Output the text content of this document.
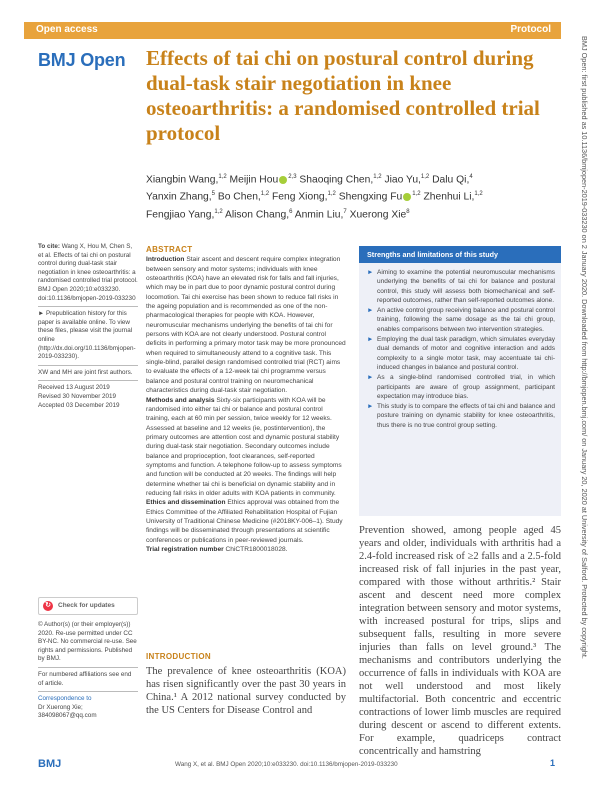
Open access	Protocol
BMJ Open Effects of tai chi on postural control during dual-task stair negotiation in knee osteoarthritis: a randomised controlled trial protocol
Xiangbin Wang,$^{1,2}$ Meijin Hou $^{2,3}$ Shaoqing Chen,$^{1,2}$ Jiao Yu,$^{1,2}$ Dalu Qi,$^4$
Yanxin Zhang,$^5$ Bo Chen,$^{1,2}$ Feng Xiong,$^{1,2}$ Shengxing Fu $^{1,2}$ Zhenhui Li,$^{1,2}$
Fengjiao Yang,$^{1,2}$ Alison Chang,$^6$ Anmin Liu,$^7$ Xuerong Xie$^8$
To cite: Wang X, Hou M, Chen S, et al. Effects of tai chi on postural control during dual-task stair negotiation in knee osteoarthritis: a randomised controlled trial protocol. BMJ Open 2020;10:e033230. doi:10.1136/bmjopen-2019-033230
► Prepublication history for this paper is available online. To view these files, please visit the journal online (http://dx.doi.org/10.1136/bmjopen-2019-033230).
XW and MH are joint first authors.
Received 13 August 2019
Revised 30 November 2019
Accepted 03 December 2019
↻	Check for updates
© Author(s) (or their employer(s)) 2020. Re-use permitted under CC BY-NC. No commercial re-use. See rights and permissions. Published by BMJ.
For numbered affiliations see end of article.
Correspondence to
Dr Xuerong Xie; 384098067@qq.com
ABSTRACT

Introduction Stair ascent and descent require complex integration between sensory and motor systems; individuals with knee osteoarthritis (KOA) have an elevated risk for falls and fall injuries, which may be in part due to poor dynamic postural control during locomotion. Tai chi exercise has been shown to reduce fall risks in the ageing population and is recommended as one of the non-pharmacological therapies for people with KOA. However, neuromuscular mechanisms underlying the benefits of tai chi for persons with KOA are not clearly understood. Postural control deficits in performing a primary motor task may be more pronounced when required to simultaneously attend to a cognitive task. This single-blind, parallel design randomised controlled trial (RCT) aims to evaluate the effects of a 12-week tai chi programme versus balance and postural control training on neuromechanical characteristics during dual-task stair negotiation.

Methods and analysis Sixty-six participants with KOA will be randomised into either tai chi or balance and postural control training, each at 60 min per session, twice weekly for 12 weeks. Assessed at baseline and 12 weeks (ie, postintervention), the primary outcomes are attention cost and dynamic postural stability during dual-task stair negotiation. Secondary outcomes include balance and proprioception, foot clearances, self-reported symptoms and function. A telephone follow-up to assess symptoms and function will be conducted at 20 weeks. The findings will help determine whether tai chi is beneficial on dynamic stability and in reducing fall risks in older adults with KOA patients in community.

Ethics and dissemination Ethics approval was obtained from the Ethics Committee of the Affiliated Rehabilitation Hospital of Fujian University of Traditional Chinese Medicine (#2018KY-006–1). Study findings will be disseminated through presentations at scientific conferences or publications in peer-reviewed journals.

Trial registration number ChiCTR1800018028.

Strengths and limitations of this study
► Aiming to examine the potential neuromuscular mechanisms underlying the benefits of tai chi for balance and postural control, this study will assess both biomechanical and self-reported outcomes, rather than self-reported outcomes alone.
► An active control group receiving balance and postural control training, following the same dosage as the tai chi group, enables comparisons between two intervention strategies.
► Employing the dual task paradigm, which simulates everyday dual demands of motor and cognitive interaction and adds complexity to a single motor task, may accentuate tai chi-induced changes in balance and postural control.
► As a single-blind randomised controlled trial, in which participants are aware of group assignment, participant expectation may introduce bias.
► This study is to compare the effects of tai chi and balance and posture training on dynamic stability for knee osteoarthritis, thus there is no true control group setting.
INTRODUCTION

The prevalence of knee osteoarthritis (KOA) has risen significantly over the past 30 years in China.¹ A 2012 national survey conducted by the US Centers for Disease Control and

Prevention showed, among people aged 45 years and older, individuals with arthritis had a 2.4-fold increased risk of ≥2 falls and a 2.5-fold increased risk of fall injuries in the past year, compared with those without arthritis.² Stair ascent and descent need more complex integration between sensory and motor systems, with increased postural for trips, slips and subsequent falls, resulting in more severe injuries than falls on level ground.³ The mechanisms and contributors underlying the occurrence of falls in individuals with KOA are not well understood and most likely multifactorial. Both concentric and eccentric contractions of lower limb muscles are required during descent or ascend to different extents. For example, quadriceps contract concentrically and hamstring

BMJ	Wang X, et al. BMJ Open 2020;10:e033230. doi:10.1136/bmjopen-2019-033230	1
BMJ Open: first published as 10.1136/bmjopen-2019-033230 on 2 January 2020. Downloaded from http://bmjopen.bmj.com/ on January 20, 2020 at University of Salford. Protected by copyright.
